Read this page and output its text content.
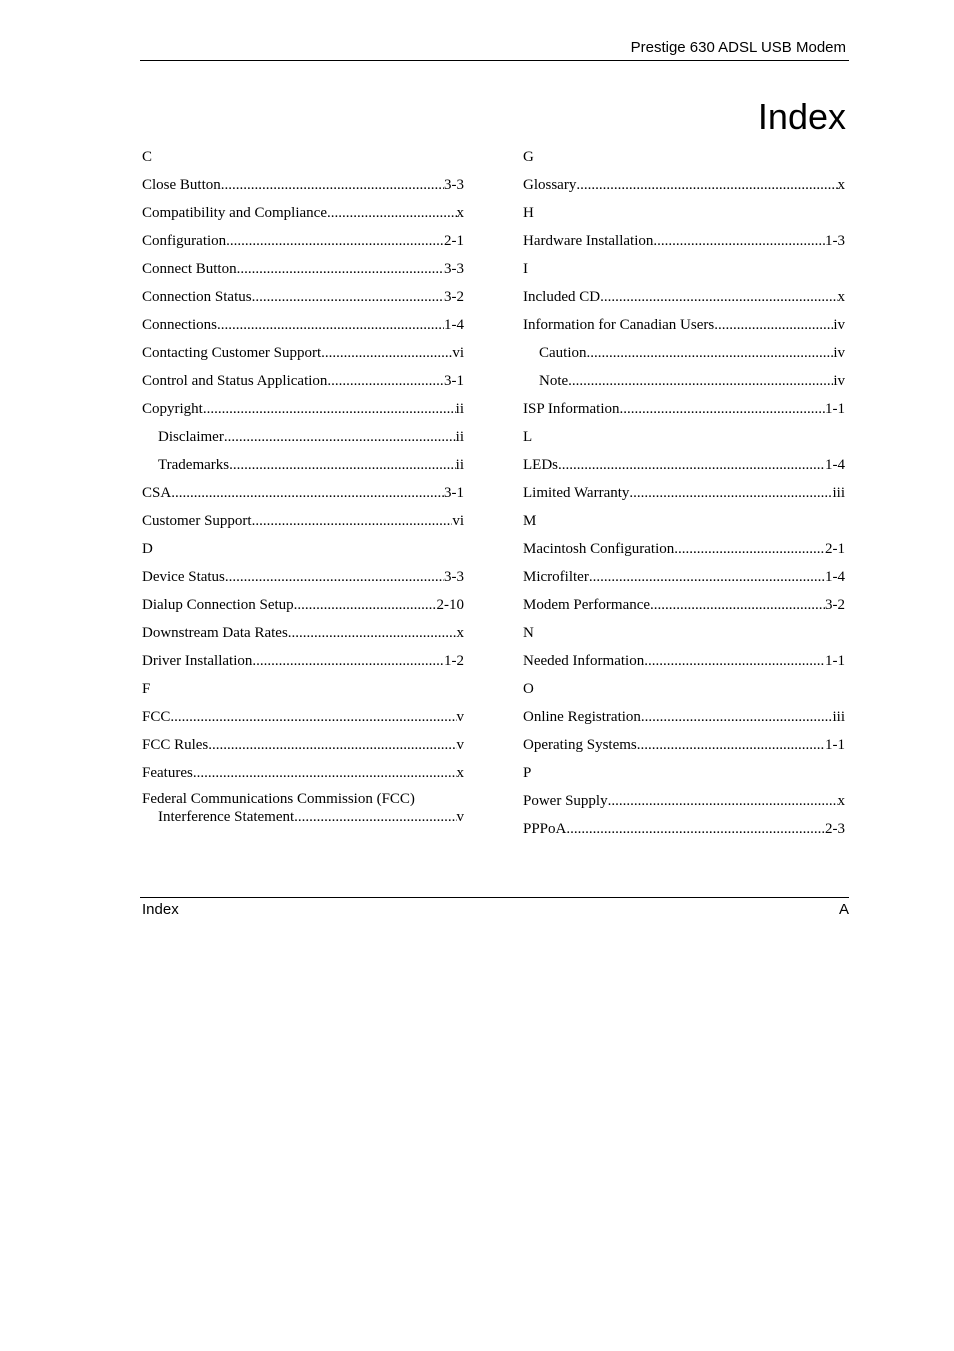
Prestige 630 ADSL USB Modem
Index
C
Close Button .....	3-3
Compatibility and Compliance .....	x
Configuration .....	2-1
Connect Button .....	3-3
Connection Status .....	3-2
Connections .....	1-4
Contacting Customer Support .....	vi
Control and Status Application .....	3-1
Copyright .....	ii
Disclaimer .....	ii
Trademarks .....	ii
CSA .....	3-1
Customer Support .....	vi
D
Device Status .....	3-3
Dialup Connection Setup .....	2-10
Downstream Data Rates .....	x
Driver Installation .....	1-2
F
FCC .....	v
FCC Rules .....	v
Features .....	x
Federal Communications Commission (FCC)
Interference Statement .....	v
G
Glossary .....	x
H
Hardware Installation .....	1-3
I
Included CD .....	x
Information for Canadian Users .....	iv
Caution .....	iv
Note .....	iv
ISP Information .....	1-1
L
LEDs .....	1-4
Limited Warranty .....	iii
M
Macintosh Configuration .....	2-1
Microfilter .....	1-4
Modem Performance .....	3-2
N
Needed Information .....	1-1
O
Online Registration .....	iii
Operating Systems .....	1-1
P
Power Supply .....	x
PPPoA .....	2-3
Index	A
